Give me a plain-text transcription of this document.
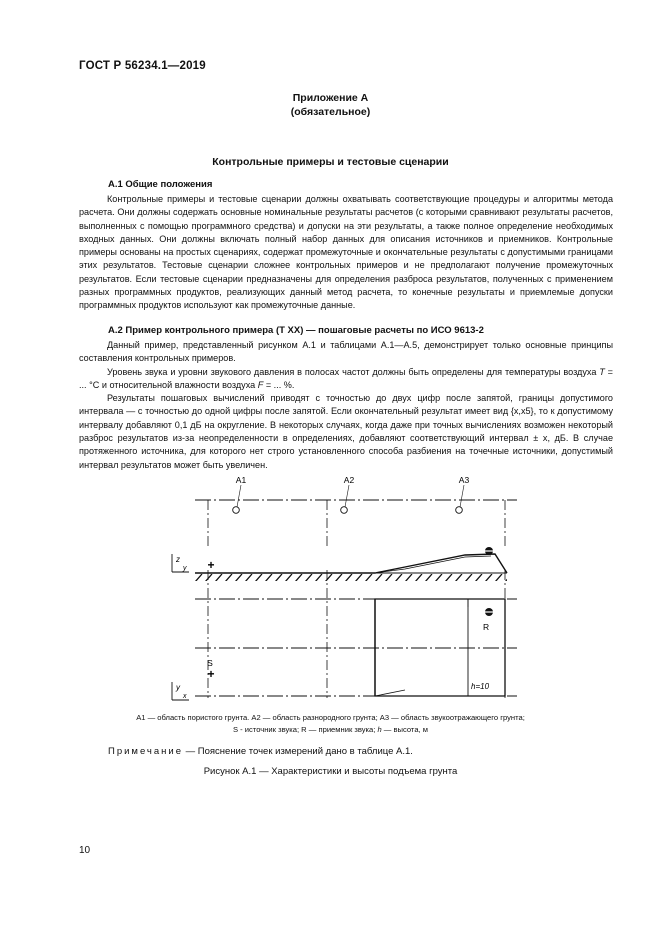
ГОСТ Р 56234.1—2019
Приложение А
(обязательное)
Контрольные примеры и тестовые сценарии
А.1 Общие положения

Контрольные примеры и тестовые сценарии должны охватывать соответствующие процедуры и алгоритмы метода расчета. Они должны содержать основные номинальные результаты расчетов (с которыми сравнивают результаты расчетов, выполненных с помощью программного средства) и допуски на эти результаты, а также полное определение необходимых входных данных. Они должны включать полный набор данных для описания источников и приемников. Контрольные примеры основаны на простых сценариях, содержат промежуточные и окончательные результаты с допустимыми границами этих результатов. Тестовые сценарии сложнее контрольных примеров и не предполагают получение промежуточных результатов. Если тестовые сценарии предназначены для определения разброса результатов, полученных с применением разных программных продуктов, реализующих данный метод расчета, то конечные результаты и приемлемые допуски программных продуктов используют как промежуточные данные.

А.2 Пример контрольного примера (Т ХХ) — пошаговые расчеты по ИСО 9613-2

Данный пример, представленный рисунком А.1 и таблицами А.1—А.5, демонстрирует только основные принципы составления контрольных примеров.

Уровень звука и уровни звукового давления в полосах частот должны быть определены для температуры воздуха T = ... °С и относительной влажности воздуха F = ... %.

Результаты пошаговых вычислений приводят с точностью до двух цифр после запятой, границы допустимого интервала — с точностью до одной цифры после запятой. Если окончательный результат имеет вид {х,х5}, то к допустимому интервалу добавляют 0,1 дБ на округление. В некоторых случаях, когда даже при точных вычислениях возможен некоторый разброс результатов из-за неопределенности в определениях, добавляют соответствующий интервал ± х, дБ. В случае протяженного источника, для которого нет строго установленного способа разбиения на точечные источники, допустимый интервал результатов может быть увеличен.

A1	A2	A3
z
y +
R
h=10
S
+
y
x
А1 — область пористого грунта. А2 — область разнородного грунта; А3 — область звукоотражающего грунта;
S - источник звука; R — приемник звука; h — высота, м
Примечание — Пояснение точек измерений дано в таблице А.1.
Рисунок А.1 — Характеристики и высоты подъема грунта
10
